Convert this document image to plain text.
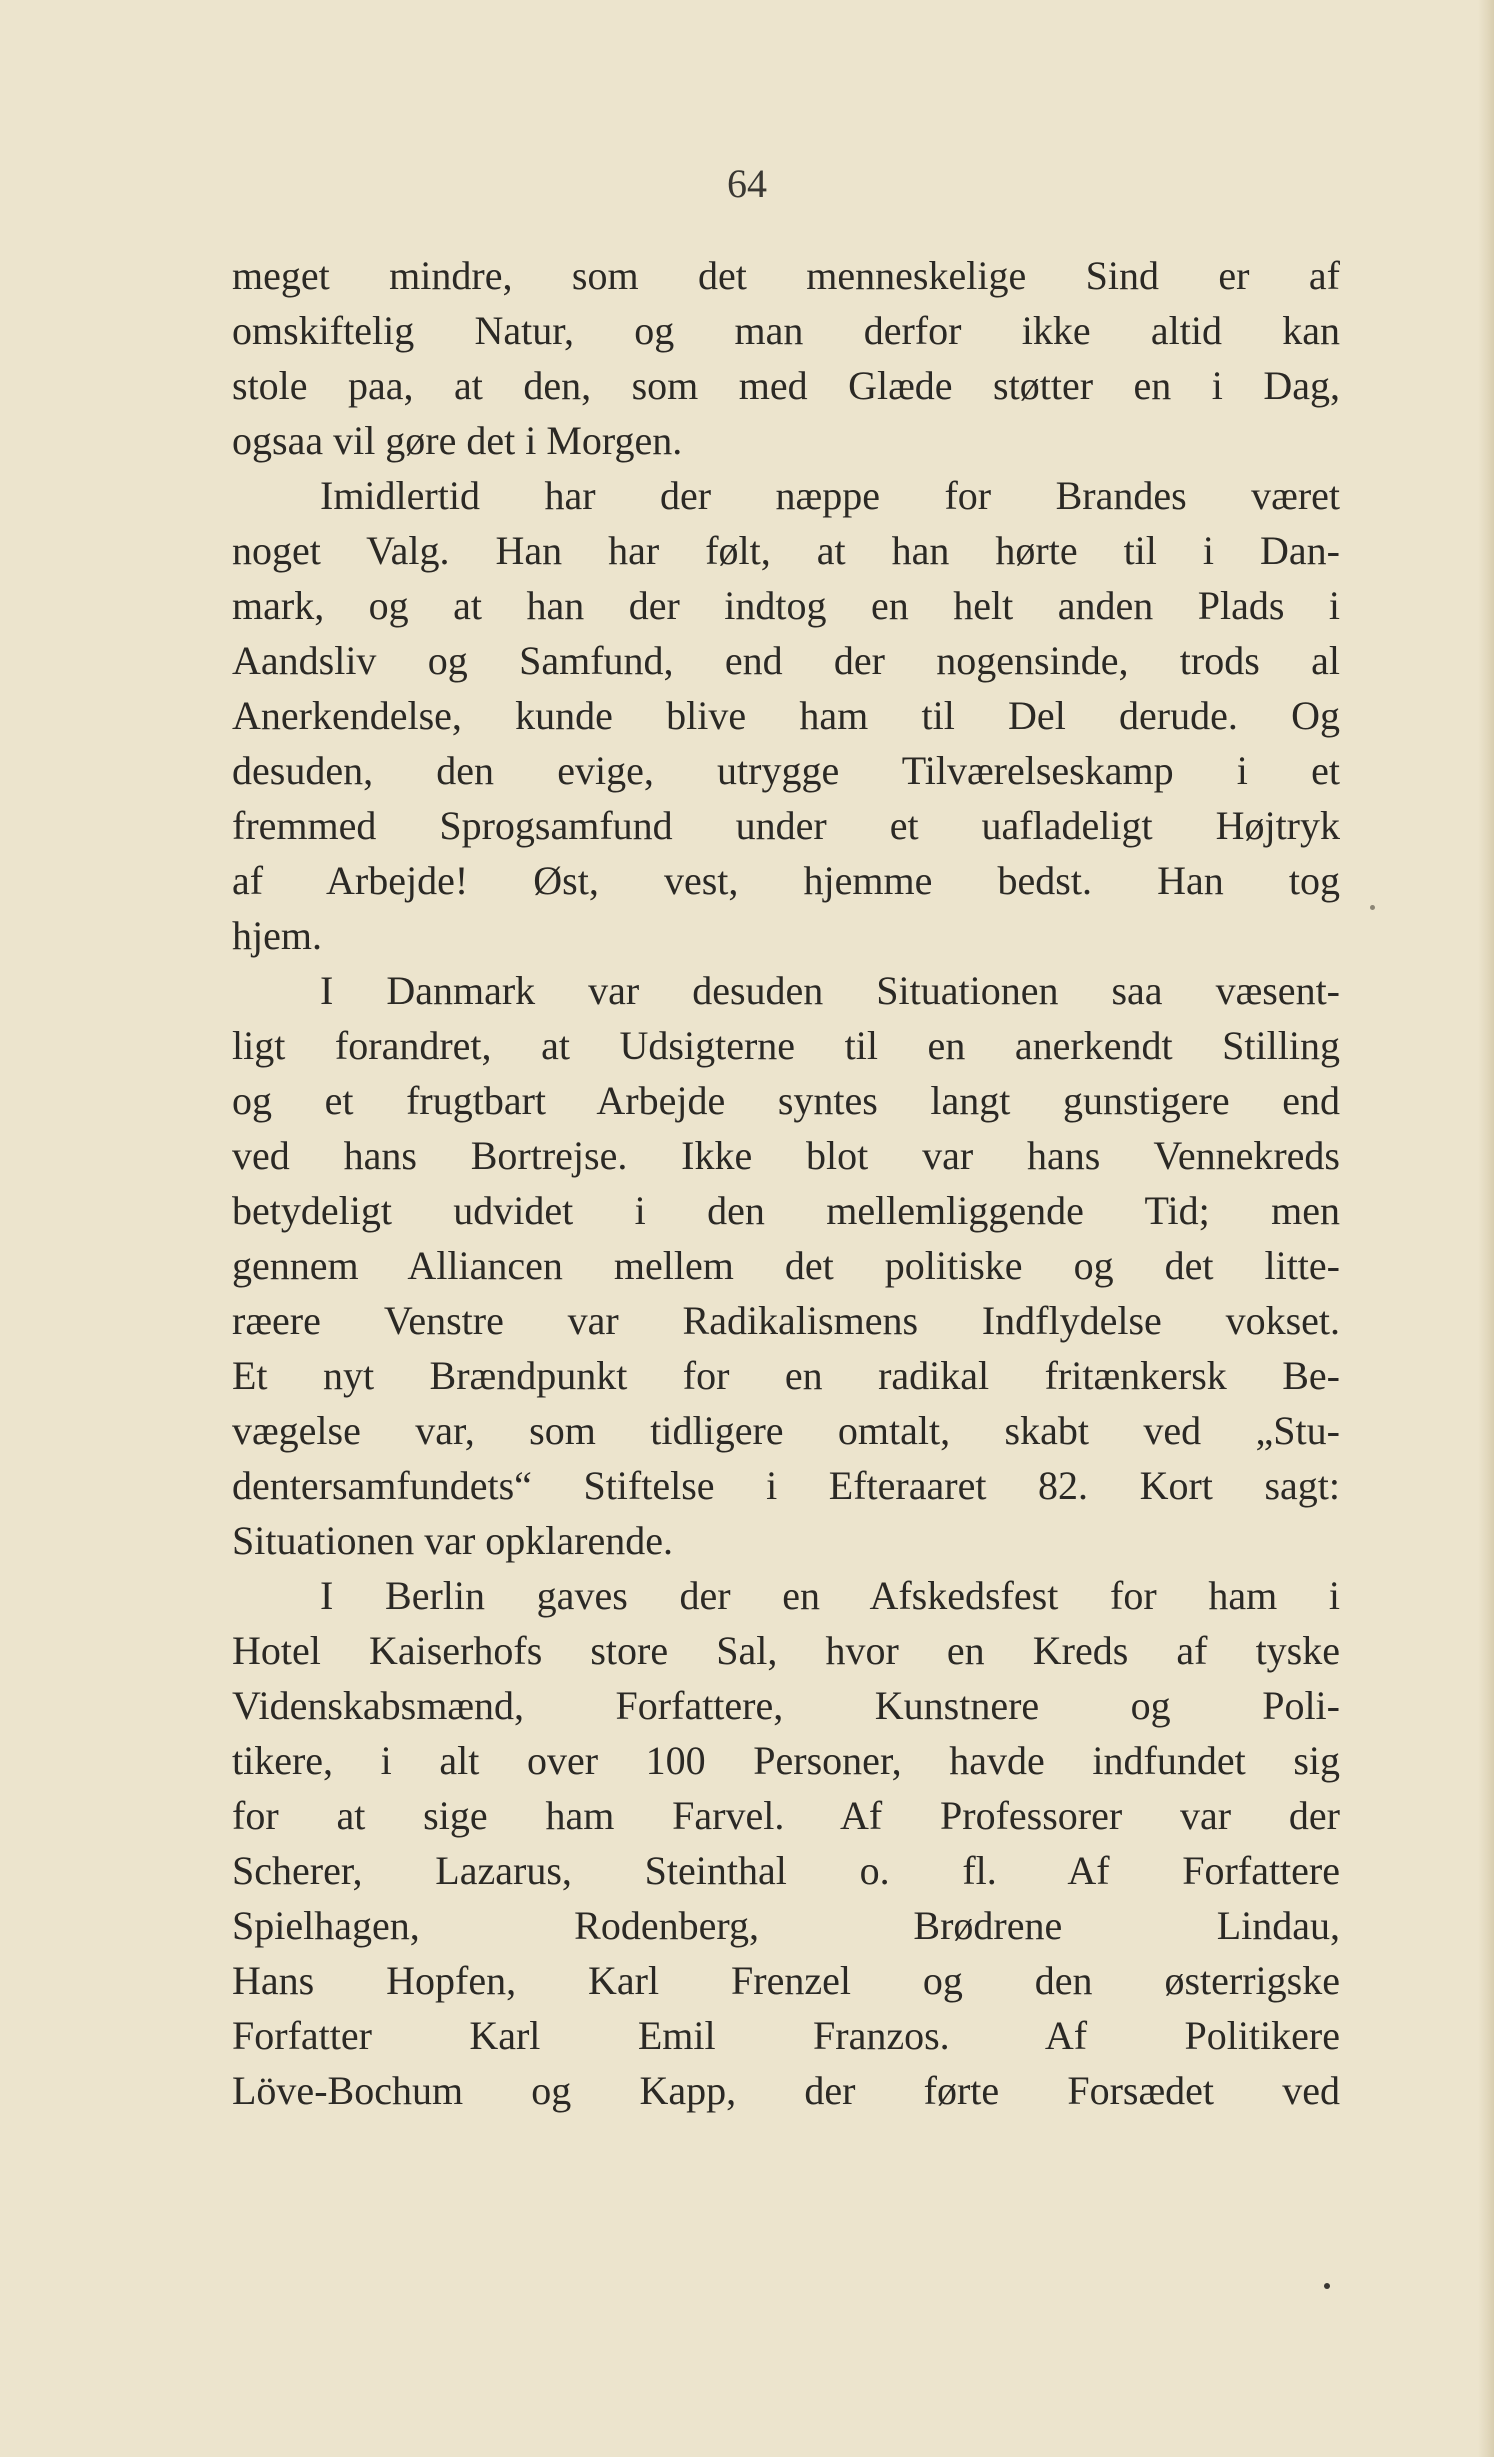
64
meget mindre, som det menneskelige Sind er af
omskiftelig Natur, og man derfor ikke altid kan
stole paa, at den, som med Glæde støtter en i Dag,
ogsaa vil gøre det i Morgen.
Imidlertid har der næppe for Brandes været
noget Valg. Han har følt, at han hørte til i Dan-
mark, og at han der indtog en helt anden Plads i
Aandsliv og Samfund, end der nogensinde, trods al
Anerkendelse, kunde blive ham til Del derude. Og
desuden, den evige, utrygge Tilværelseskamp i et
fremmed Sprogsamfund under et uafladeligt Højtryk
af Arbejde! Øst, vest, hjemme bedst. Han tog
hjem.
I Danmark var desuden Situationen saa væsent-
ligt forandret, at Udsigterne til en anerkendt Stilling
og et frugtbart Arbejde syntes langt gunstigere end
ved hans Bortrejse. Ikke blot var hans Vennekreds
betydeligt udvidet i den mellemliggende Tid; men
gennem Alliancen mellem det politiske og det litte-
ræere Venstre var Radikalismens Indflydelse vokset.
Et nyt Brændpunkt for en radikal fritænkersk Be-
vægelse var, som tidligere omtalt, skabt ved „Stu-
dentersamfundets“ Stiftelse i Efteraaret 82. Kort sagt:
Situationen var opklarende.
I Berlin gaves der en Afskedsfest for ham i
Hotel Kaiserhofs store Sal, hvor en Kreds af tyske
Videnskabsmænd, Forfattere, Kunstnere og Poli-
tikere, i alt over 100 Personer, havde indfundet sig
for at sige ham Farvel. Af Professorer var der
Scherer, Lazarus, Steinthal o. fl. Af Forfattere
Spielhagen, Rodenberg, Brødrene Lindau,
Hans Hopfen, Karl Frenzel og den østerrigske
Forfatter Karl Emil Franzos. Af Politikere
Löve-Bochum og Kapp, der førte Forsædet ved
